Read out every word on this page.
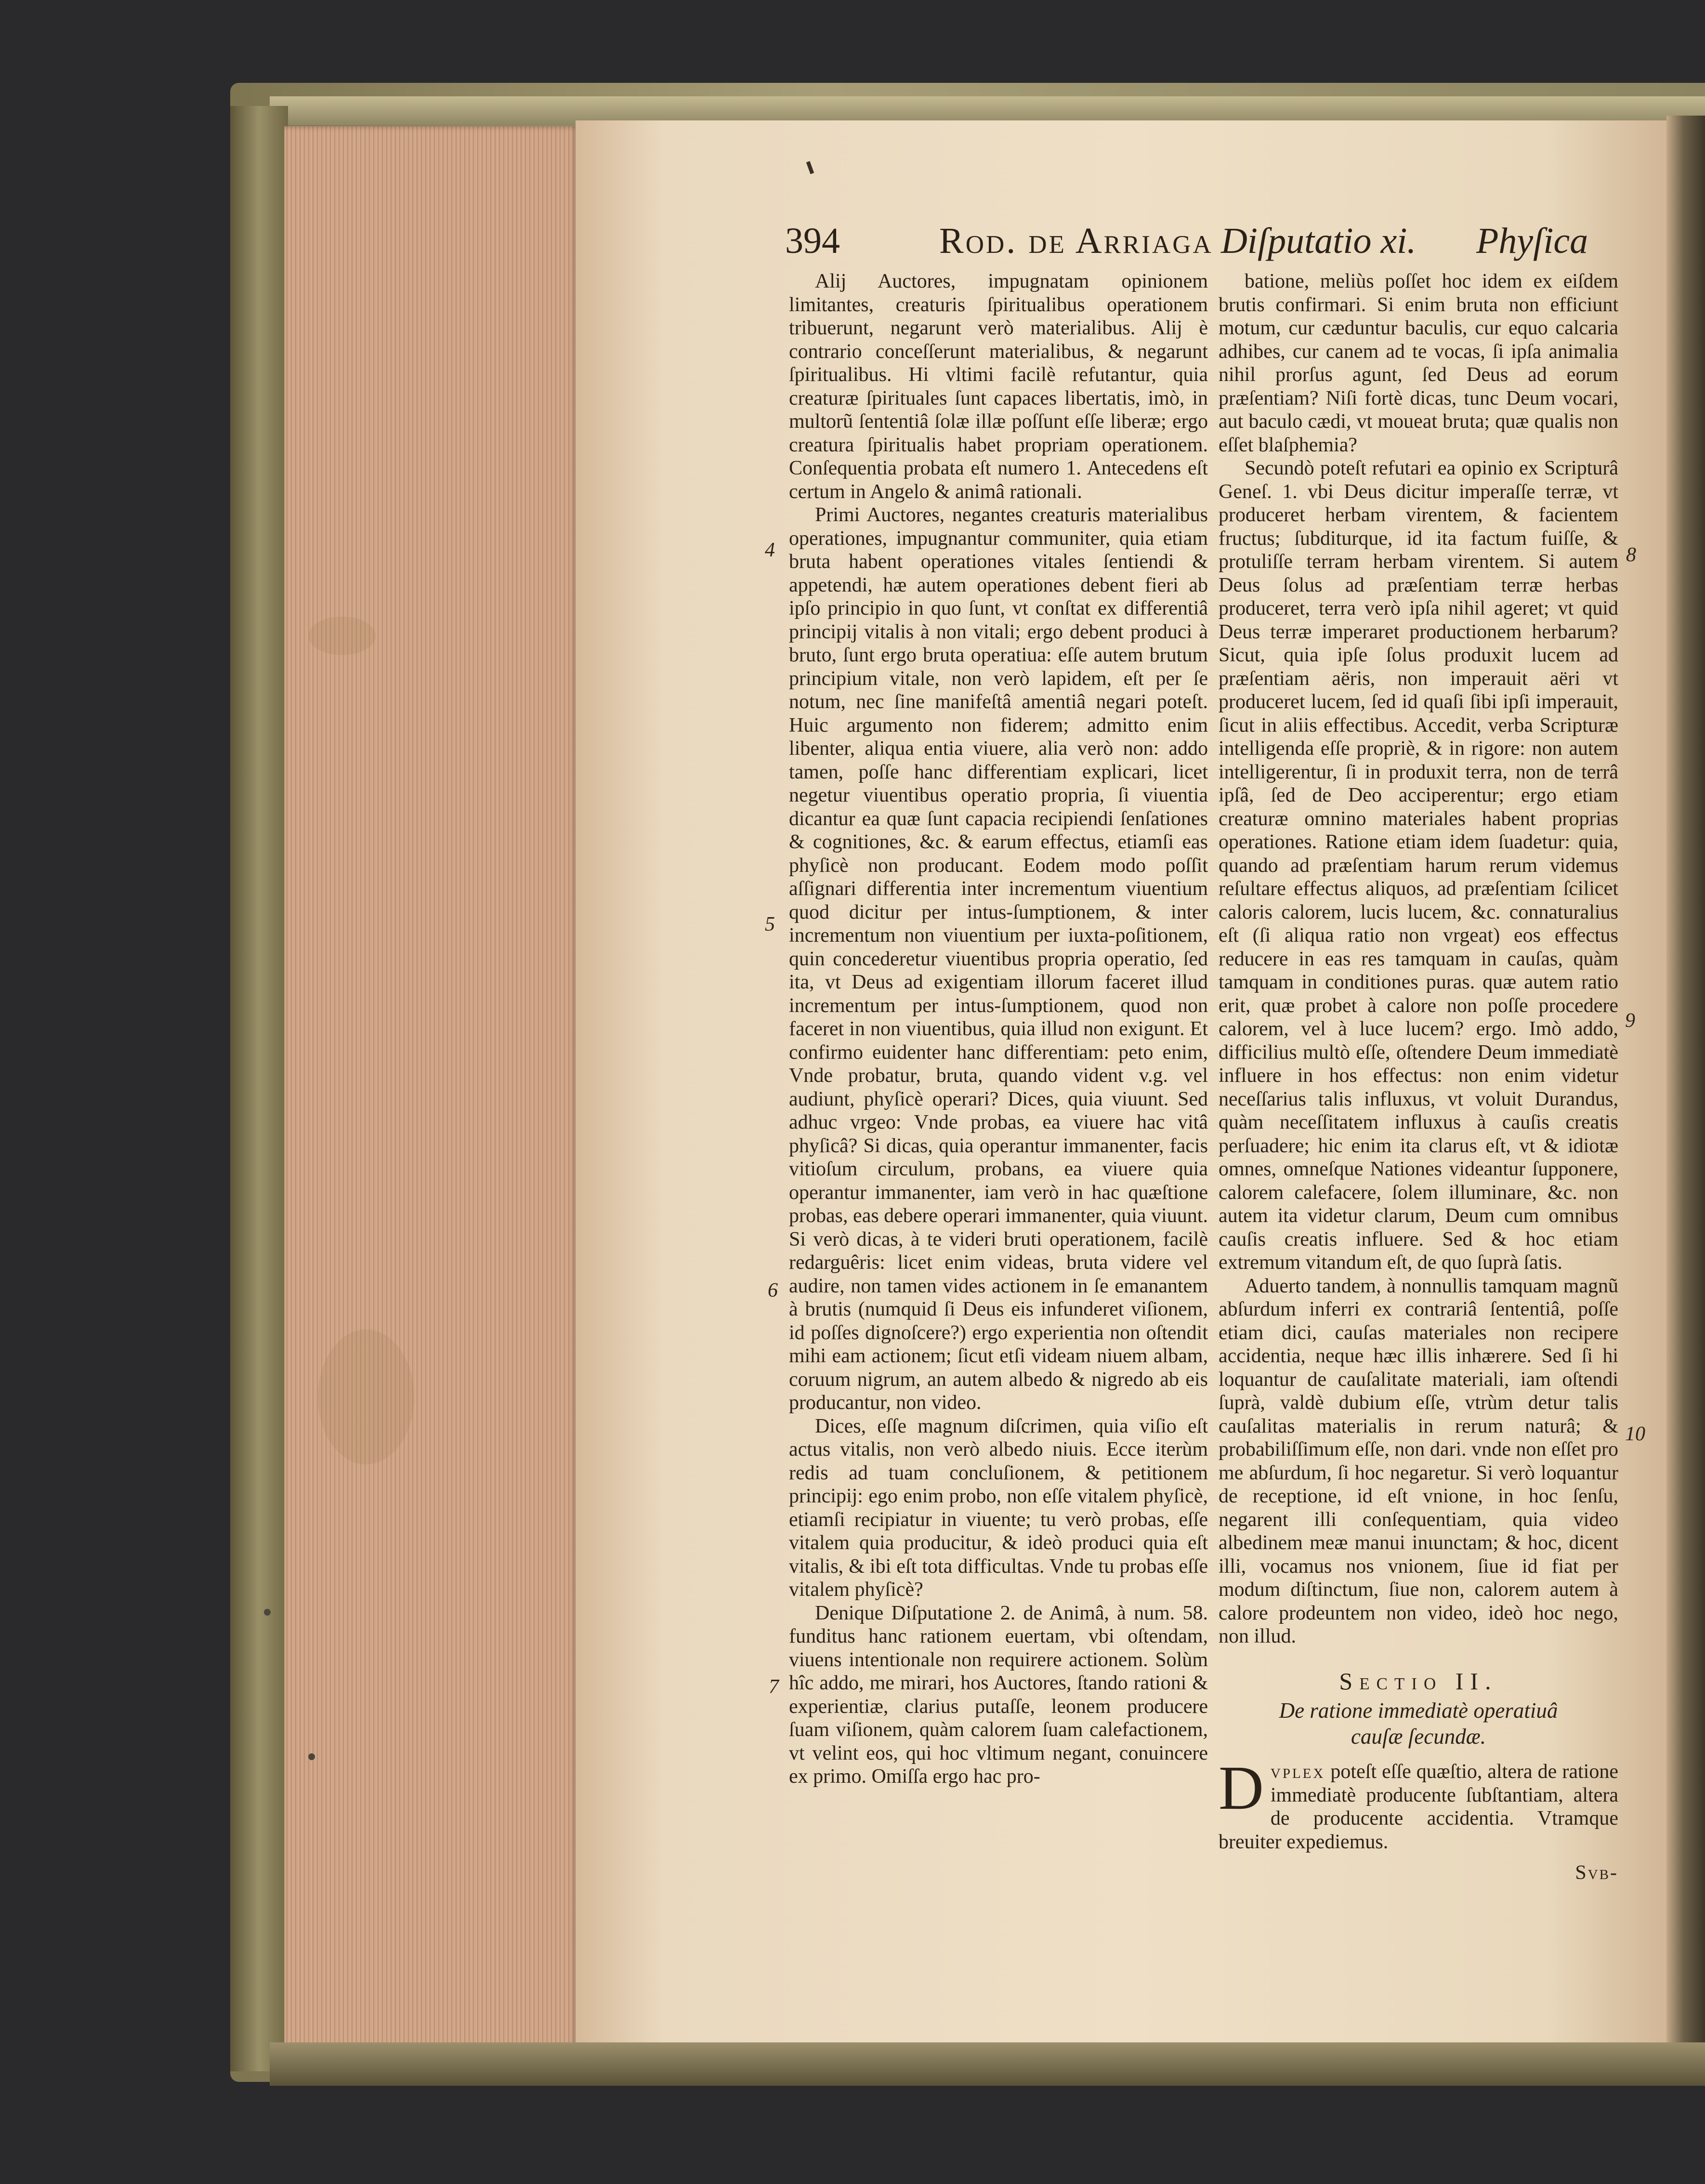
394	Rod. de Arriaga Diſputatio xi. Phyſica

Alij Auctores, impugnatam opinionem limitantes, creaturis ſpiritualibus operationem tribuerunt, negarunt verò materialibus. Alij è contrario conceſſerunt materialibus, & negarunt ſpiritualibus. Hi vltimi facilè refutantur, quia creaturæ ſpirituales ſunt capaces libertatis, imò, in multorũ ſententiâ ſolæ illæ poſſunt eſſe liberæ; ergo creatura ſpiritualis habet propriam operationem. Conſequentia probata eſt numero 1. Antecedens eſt certum in Angelo & animâ rationali.

Primi Auctores, negantes creaturis materialibus operationes, impugnantur communiter, quia etiam bruta habent operationes vitales ſentiendi & appetendi, hæ autem operationes debent fieri ab ipſo principio in quo ſunt, vt conſtat ex differentiâ principij vitalis à non vitali; ergo debent produci à bruto, ſunt ergo bruta operatiua: eſſe autem brutum principium vitale, non verò lapidem, eſt per ſe notum, nec ſine manifeſtâ amentiâ negari poteſt. Huic argumento non fiderem; admitto enim libenter, aliqua entia viuere, alia verò non: addo tamen, poſſe hanc differentiam explicari, licet negetur viuentibus operatio propria, ſi viuentia dicantur ea quæ ſunt capacia recipiendi ſenſationes & cognitiones, &c. & earum effectus, etiamſi eas phyſicè non producant. Eodem modo poſſit aſſignari differentia inter incrementum viuentium quod dicitur per intus-ſumptionem, & inter incrementum non viuentium per iuxta-poſitionem, quin concederetur viuentibus propria operatio, ſed ita, vt Deus ad exigentiam illorum faceret illud incrementum per intus-ſumptionem, quod non faceret in non viuentibus, quia illud non exigunt. Et confirmo euidenter hanc differentiam: peto enim, Vnde probatur, bruta, quando vident v.g. vel audiunt, phyſicè operari? Dices, quia viuunt. Sed adhuc vrgeo: Vnde probas, ea viuere hac vitâ phyſicâ? Si dicas, quia operantur immanenter, facis vitioſum circulum, probans, ea viuere quia operantur immanenter, iam verò in hac quæſtione probas, eas debere operari immanenter, quia viuunt. Si verò dicas, à te videri bruti operationem, facilè redarguêris: licet enim videas, bruta videre vel audire, non tamen vides actionem in ſe emanantem à brutis (numquid ſi Deus eis infunderet viſionem, id poſſes dignoſcere?) ergo experientia non oſtendit mihi eam actionem; ſicut etſi videam niuem albam, coruum nigrum, an autem albedo & nigredo ab eis producantur, non video.

Dices, eſſe magnum diſcrimen, quia viſio eſt actus vitalis, non verò albedo niuis. Ecce iterùm redis ad tuam concluſionem, & petitionem principij: ego enim probo, non eſſe vitalem phyſicè, etiamſi recipiatur in viuente; tu verò probas, eſſe vitalem quia producitur, & ideò produci quia eſt vitalis, & ibi eſt tota difficultas. Vnde tu probas eſſe vitalem phyſicè?

Denique Diſputatione 2. de Animâ, à num. 58. funditus hanc rationem euertam, vbi oſtendam, viuens intentionale non requirere actionem. Solùm hîc addo, me mirari, hos Auctores, ſtando rationi & experientiæ, clarius putaſſe, leonem producere ſuam viſionem, quàm calorem ſuam calefactionem, vt velint eos, qui hoc vltimum negant, conuincere ex primo. Omiſſa ergo hac pro-

batione, meliùs poſſet hoc idem ex eiſdem brutis confirmari. Si enim bruta non efficiunt motum, cur cæduntur baculis, cur equo calcaria adhibes, cur canem ad te vocas, ſi ipſa animalia nihil prorſus agunt, ſed Deus ad eorum præſentiam? Niſi fortè dicas, tunc Deum vocari, aut baculo cædi, vt moueat bruta; quæ qualis non eſſet blaſphemia?

Secundò poteſt refutari ea opinio ex Scripturâ Geneſ. 1. vbi Deus dicitur imperaſſe terræ, vt produceret herbam virentem, & facientem fructus; ſubditurque, id ita factum fuiſſe, & protuliſſe terram herbam virentem. Si autem Deus ſolus ad præſentiam terræ herbas produceret, terra verò ipſa nihil ageret; vt quid Deus terræ imperaret productionem herbarum? Sicut, quia ipſe ſolus produxit lucem ad præſentiam aëris, non imperauit aëri vt produceret lucem, ſed id quaſi ſibi ipſi imperauit, ſicut in aliis effectibus. Accedit, verba Scripturæ intelligenda eſſe propriè, & in rigore: non autem intelligerentur, ſi in produxit terra, non de terrâ ipſâ, ſed de Deo acciperentur; ergo etiam creaturæ omnino materiales habent proprias operationes. Ratione etiam idem ſuadetur: quia, quando ad præſentiam harum rerum videmus reſultare effectus aliquos, ad præſentiam ſcilicet caloris calorem, lucis lucem, &c. connaturalius eſt (ſi aliqua ratio non vrgeat) eos effectus reducere in eas res tamquam in cauſas, quàm tamquam in conditiones puras. quæ autem ratio erit, quæ probet à calore non poſſe procedere calorem, vel à luce lucem? ergo. Imò addo, difficilius multò eſſe, oſtendere Deum immediatè influere in hos effectus: non enim videtur neceſſarius talis influxus, vt voluit Durandus, quàm neceſſitatem influxus à cauſis creatis perſuadere; hic enim ita clarus eſt, vt & idiotæ omnes, omneſque Nationes videantur ſupponere, calorem calefacere, ſolem illuminare, &c. non autem ita videtur clarum, Deum cum omnibus cauſis creatis influere. Sed & hoc etiam extremum vitandum eſt, de quo ſuprà ſatis.

Aduerto tandem, à nonnullis tamquam magnũ abſurdum inferri ex contrariâ ſententiâ, poſſe etiam dici, cauſas materiales non recipere accidentia, neque hæc illis inhærere. Sed ſi hi loquantur de cauſalitate materiali, iam oſtendi ſuprà, valdè dubium eſſe, vtrùm detur talis cauſalitas materialis in rerum naturâ; & probabiliſſimum eſſe, non dari. vnde non eſſet pro me abſurdum, ſi hoc negaretur. Si verò loquantur de receptione, id eſt vnione, in hoc ſenſu, negarent illi conſequentiam, quia video albedinem meæ manui inιunctam; & hoc, dicent illi, vocamus nos vnionem, ſiue id fiat per modum diſtinctum, ſiue non, calorem autem à calore prodeuntem non video, ideò hoc nego, non illud.

Sectio II.
De ratione immediatè operatiuâ
cauſæ ſecundæ.

Dvplex poteſt eſſe quæſtio, altera de ratione immediatè producente ſubſtantiam, altera de producente accidentia. Vtramque breuiter expediemus.

Svb-
4
5
6
7
8
9
10
